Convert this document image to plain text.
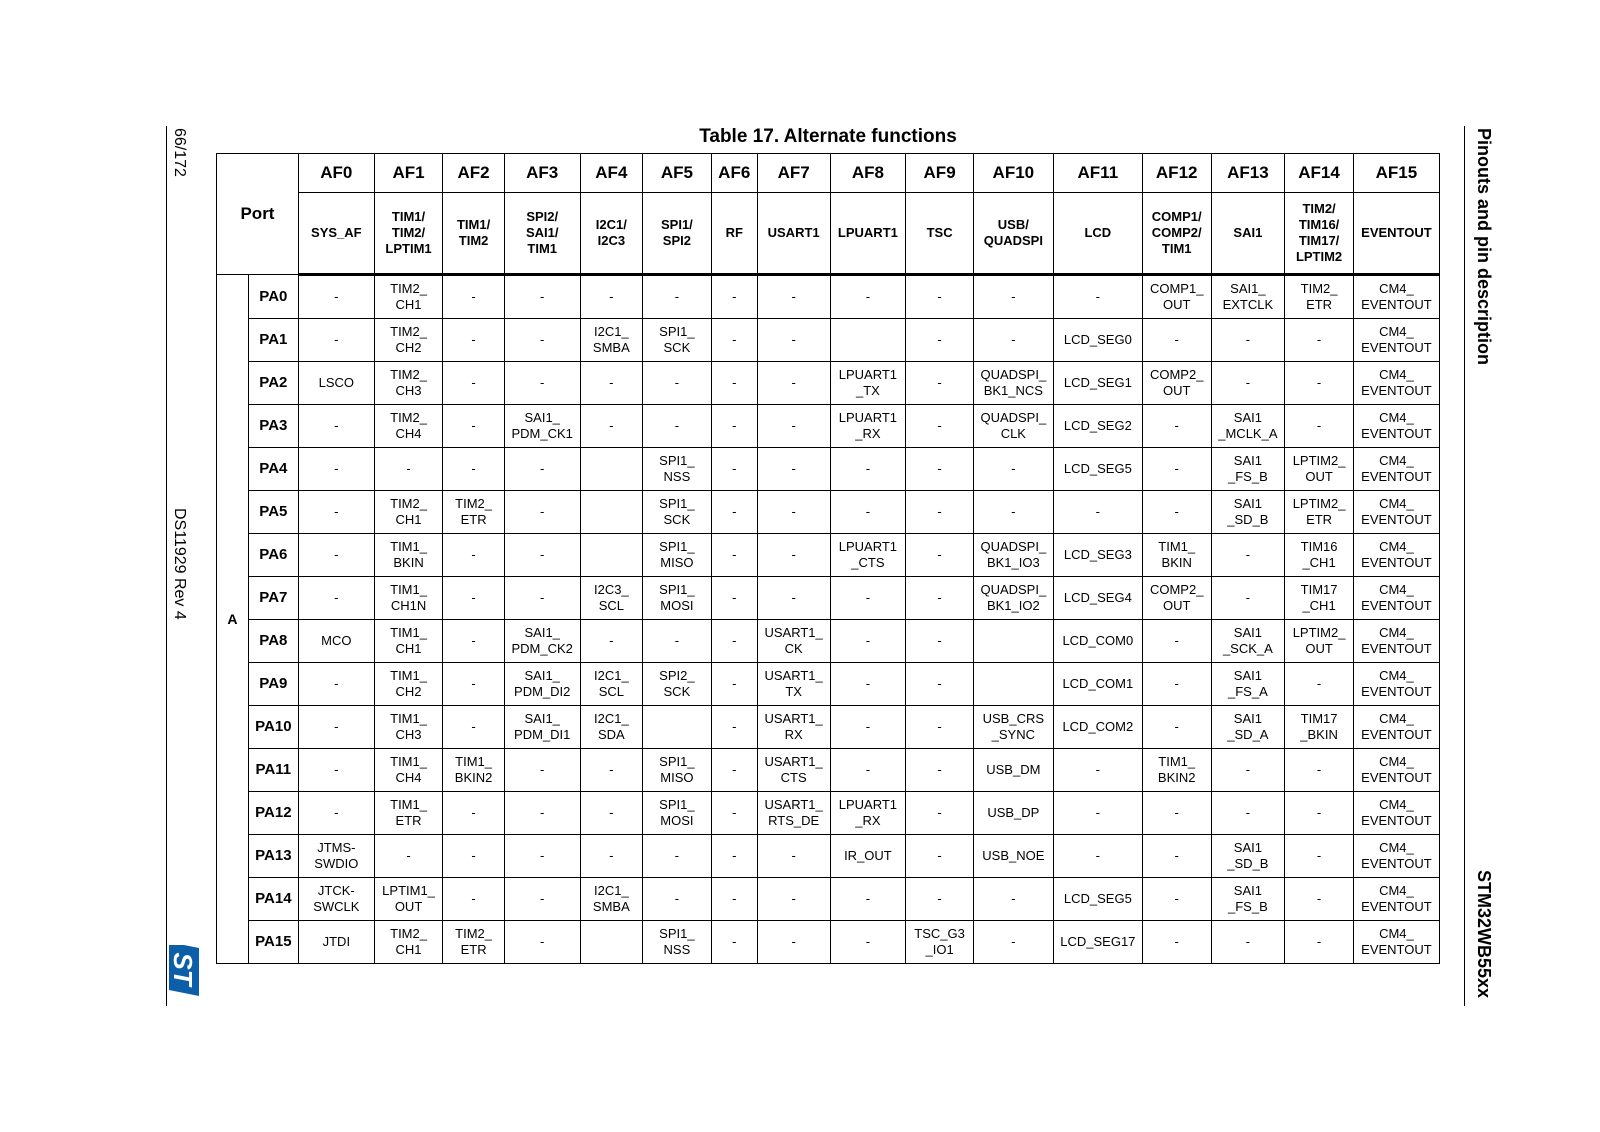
66/172
DS11929 Rev 4
Pinouts and pin description
STM32WB55xx
ST
Table 17. Alternate functions
Port		AF0	AF1	AF2	AF3	AF4	AF5	AF6	AF7	AF8	AF9	AF10	AF11	AF12	AF13	AF14	AF15
		SYS_AF	TIM1/
TIM2/
LPTIM1	TIM1/
TIM2	SPI2/
SAI1/
TIM1	I2C1/
I2C3	SPI1/
SPI2	RF	USART1	LPUART1	TSC	USB/
QUADSPI	LCD	COMP1/
COMP2/
TIM1	SAI1	TIM2/
TIM16/
TIM17/
LPTIM2	EVENTOUT
A	PA0	-	TIM2_
CH1	-	-	-	-	-	-	-	-	-	-	COMP1_
OUT	SAI1_
EXTCLK	TIM2_
ETR	CM4_
EVENTOUT
	PA1	-	TIM2_
CH2	-	-	I2C1_
SMBA	SPI1_
SCK	-	-		-	-	LCD_SEG0	-	-	-	CM4_
EVENTOUT
	PA2	LSCO	TIM2_
CH3	-	-	-	-	-	-	LPUART1
_TX	-	QUADSPI_
BK1_NCS	LCD_SEG1	COMP2_
OUT	-	-	CM4_
EVENTOUT
	PA3	-	TIM2_
CH4	-	SAI1_
PDM_CK1	-	-	-	-	LPUART1
_RX	-	QUADSPI_
CLK	LCD_SEG2	-	SAI1
_MCLK_A	-	CM4_
EVENTOUT
	PA4	-	-	-	-		SPI1_
NSS	-	-	-	-	-	LCD_SEG5	-	SAI1
_FS_B	LPTIM2_
OUT	CM4_
EVENTOUT
	PA5	-	TIM2_
CH1	TIM2_
ETR	-		SPI1_
SCK	-	-	-	-	-	-	-	SAI1
_SD_B	LPTIM2_
ETR	CM4_
EVENTOUT
	PA6	-	TIM1_
BKIN	-	-		SPI1_
MISO	-	-	LPUART1
_CTS	-	QUADSPI_
BK1_IO3	LCD_SEG3	TIM1_
BKIN	-	TIM16
_CH1	CM4_
EVENTOUT
	PA7	-	TIM1_
CH1N	-	-	I2C3_
SCL	SPI1_
MOSI	-	-	-	-	QUADSPI_
BK1_IO2	LCD_SEG4	COMP2_
OUT	-	TIM17
_CH1	CM4_
EVENTOUT
	PA8	MCO	TIM1_
CH1	-	SAI1_
PDM_CK2	-	-	-	USART1_
CK	-	-		LCD_COM0	-	SAI1
_SCK_A	LPTIM2_
OUT	CM4_
EVENTOUT
	PA9	-	TIM1_
CH2	-	SAI1_
PDM_DI2	I2C1_
SCL	SPI2_
SCK	-	USART1_
TX	-	-		LCD_COM1	-	SAI1
_FS_A	-	CM4_
EVENTOUT
	PA10	-	TIM1_
CH3	-	SAI1_
PDM_DI1	I2C1_
SDA		-	USART1_
RX	-	-	USB_CRS
_SYNC	LCD_COM2	-	SAI1
_SD_A	TIM17
_BKIN	CM4_
EVENTOUT
	PA11	-	TIM1_
CH4	TIM1_
BKIN2	-	-	SPI1_
MISO	-	USART1_
CTS	-	-	USB_DM	-	TIM1_
BKIN2	-	-	CM4_
EVENTOUT
	PA12	-	TIM1_
ETR	-	-	-	SPI1_
MOSI	-	USART1_
RTS_DE	LPUART1
_RX	-	USB_DP	-	-	-	-	CM4_
EVENTOUT
	PA13	JTMS-
SWDIO	-	-	-	-	-	-	-	IR_OUT	-	USB_NOE	-	-	SAI1
_SD_B	-	CM4_
EVENTOUT
	PA14	JTCK-
SWCLK	LPTIM1_
OUT	-	-	I2C1_
SMBA	-	-	-	-	-	-	LCD_SEG5	-	SAI1
_FS_B	-	CM4_
EVENTOUT
	PA15	JTDI	TIM2_
CH1	TIM2_
ETR	-		SPI1_
NSS	-	-	-	TSC_G3
_IO1	-	LCD_SEG17	-	-	-	CM4_
EVENTOUT
